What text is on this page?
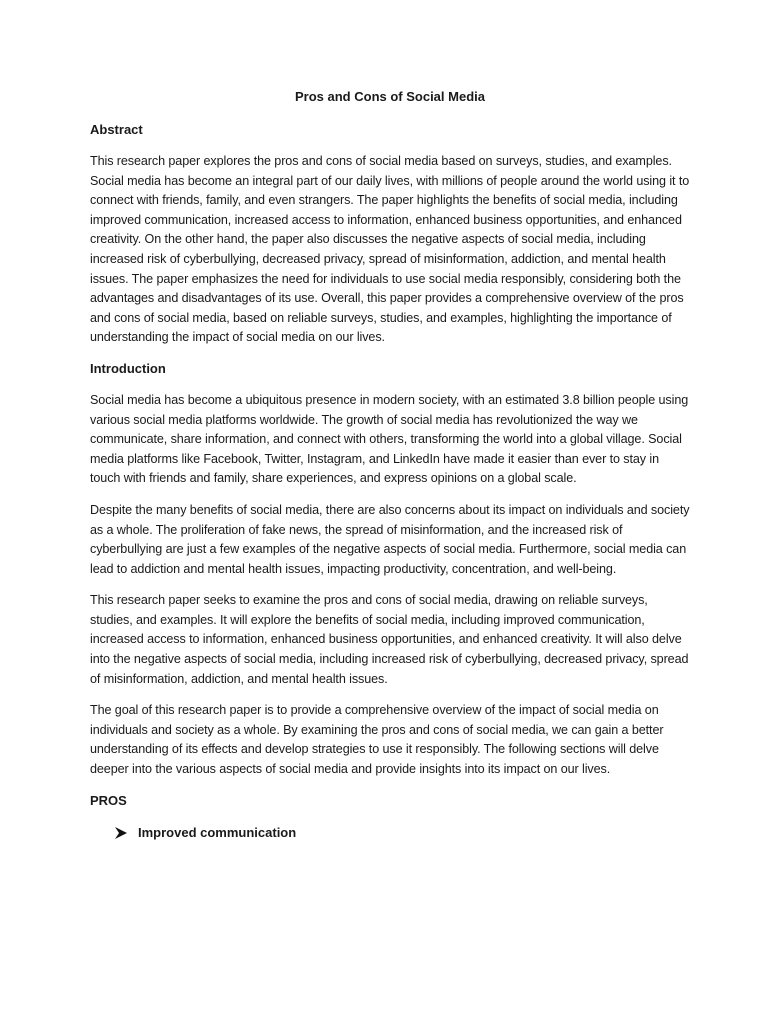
Pros and Cons of Social Media
Abstract

This research paper explores the pros and cons of social media based on surveys, studies, and examples. Social media has become an integral part of our daily lives, with millions of people around the world using it to connect with friends, family, and even strangers. The paper highlights the benefits of social media, including improved communication, increased access to information, enhanced business opportunities, and enhanced creativity. On the other hand, the paper also discusses the negative aspects of social media, including increased risk of cyberbullying, decreased privacy, spread of misinformation, addiction, and mental health issues. The paper emphasizes the need for individuals to use social media responsibly, considering both the advantages and disadvantages of its use. Overall, this paper provides a comprehensive overview of the pros and cons of social media, based on reliable surveys, studies, and examples, highlighting the importance of understanding the impact of social media on our lives.

Introduction

Social media has become a ubiquitous presence in modern society, with an estimated 3.8 billion people using various social media platforms worldwide. The growth of social media has revolutionized the way we communicate, share information, and connect with others, transforming the world into a global village. Social media platforms like Facebook, Twitter, Instagram, and LinkedIn have made it easier than ever to stay in touch with friends and family, share experiences, and express opinions on a global scale.

Despite the many benefits of social media, there are also concerns about its impact on individuals and society as a whole. The proliferation of fake news, the spread of misinformation, and the increased risk of cyberbullying are just a few examples of the negative aspects of social media. Furthermore, social media can lead to addiction and mental health issues, impacting productivity, concentration, and well-being.

This research paper seeks to examine the pros and cons of social media, drawing on reliable surveys, studies, and examples. It will explore the benefits of social media, including improved communication, increased access to information, enhanced business opportunities, and enhanced creativity. It will also delve into the negative aspects of social media, including increased risk of cyberbullying, decreased privacy, spread of misinformation, addiction, and mental health issues.

The goal of this research paper is to provide a comprehensive overview of the impact of social media on individuals and society as a whole. By examining the pros and cons of social media, we can gain a better understanding of its effects and develop strategies to use it responsibly. The following sections will delve deeper into the various aspects of social media and provide insights into its impact on our lives.

PROS
Improved communication
